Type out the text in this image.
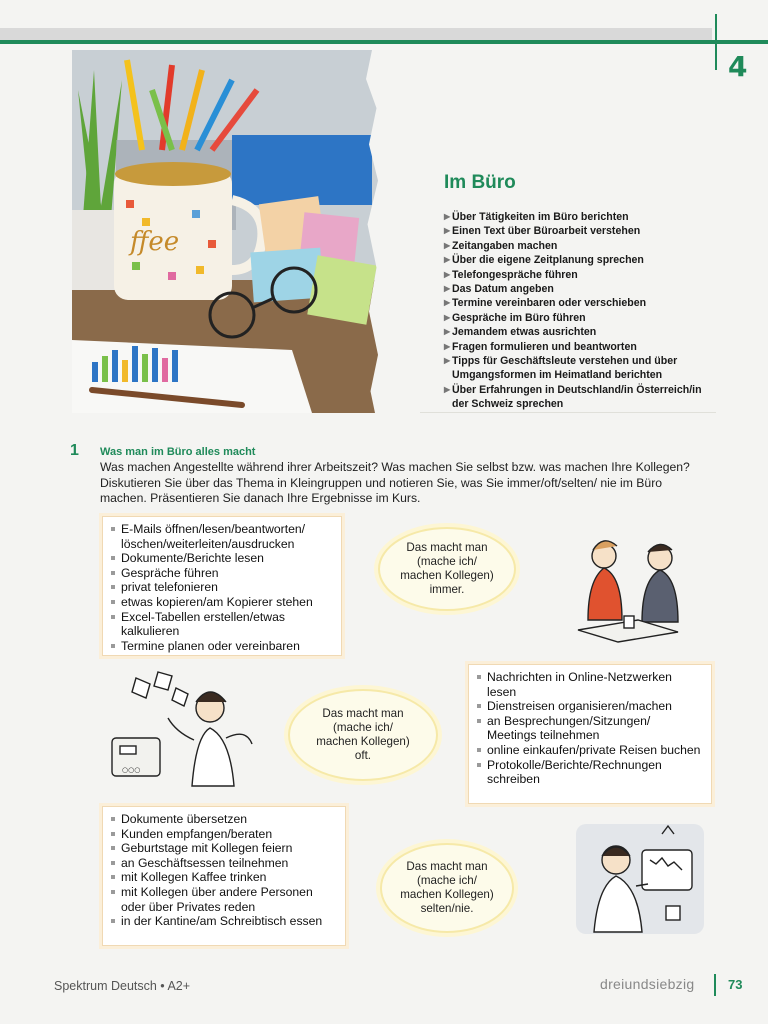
4
ffee
Im Büro
▶ Über Tätigkeiten im Büro berichten
▶ Einen Text über Büroarbeit verstehen
▶ Zeitangaben machen
▶ Über die eigene Zeitplanung sprechen
▶ Telefongespräche führen
▶ Das Datum angeben
▶ Termine vereinbaren oder verschieben
▶ Gespräche im Büro führen
▶ Jemandem etwas ausrichten
▶ Fragen formulieren und beantworten
▶ Tipps für Geschäftsleute verstehen und über Umgangsformen im Heimatland berichten
▶ Über Erfahrungen in Deutschland/in Österreich/in der Schweiz sprechen
1 Was man im Büro alles macht
Was machen Angestellte während ihrer Arbeitszeit? Was machen Sie selbst bzw. was machen Ihre Kollegen? Diskutieren Sie über das Thema in Kleingruppen und notieren Sie, was Sie immer/oft/selten/ nie im Büro machen. Präsentieren Sie danach Ihre Ergebnisse im Kurs.
E-Mails öffnen/lesen/beantworten/ löschen/weiterleiten/ausdrucken
Dokumente/Berichte lesen
Gespräche führen
privat telefonieren
etwas kopieren/am Kopierer stehen
Excel-Tabellen erstellen/etwas kalkulieren
Termine planen oder vereinbaren
Das macht man
(mache ich/
machen Kollegen)
immer.
○○○
Das macht man
(mache ich/
machen Kollegen)
oft.
Nachrichten in Online-Netzwerken lesen
Dienstreisen organisieren/machen
an Besprechungen/Sitzungen/ Meetings teilnehmen
online einkaufen/private Reisen buchen
Protokolle/Berichte/Rechnungen schreiben
Dokumente übersetzen
Kunden empfangen/beraten
Geburtstage mit Kollegen feiern
an Geschäftsessen teilnehmen
mit Kollegen Kaffee trinken
mit Kollegen über andere Personen oder über Privates reden
in der Kantine/am Schreibtisch essen
Das macht man
(mache ich/
machen Kollegen)
selten/nie.
Spektrum Deutsch • A2+	dreiundsiebzig	73
